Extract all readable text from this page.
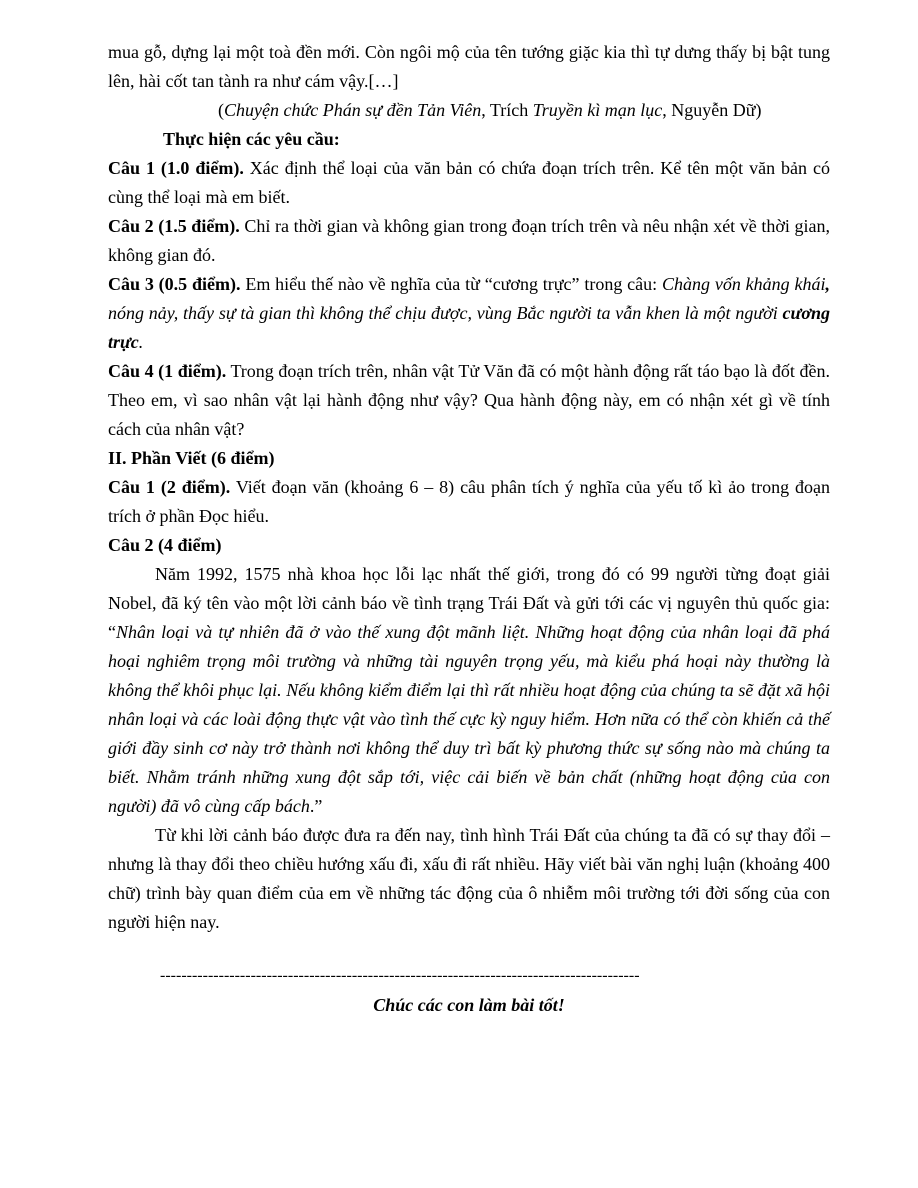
mua gỗ, dựng lại một toà đền mới. Còn ngôi mộ của tên tướng giặc kia thì tự dưng thấy bị bật tung lên, hài cốt tan tành ra như cám vậy.[…]

(Chuyện chức Phán sự đền Tản Viên, Trích Truyền kì mạn lục, Nguyễn Dữ)

Thực hiện các yêu cầu:

Câu 1 (1.0 điểm). Xác định thể loại của văn bản có chứa đoạn trích trên. Kể tên một văn bản có cùng thể loại mà em biết.

Câu 2 (1.5 điểm). Chỉ ra thời gian và không gian trong đoạn trích trên và nêu nhận xét về thời gian, không gian đó.

Câu 3 (0.5 điểm). Em hiểu thế nào về nghĩa của từ “cương trực” trong câu: Chàng vốn khảng khái, nóng nảy, thấy sự tà gian thì không thể chịu được, vùng Bắc người ta vẫn khen là một người cương trực.

Câu 4 (1 điểm). Trong đoạn trích trên, nhân vật Tử Văn đã có một hành động rất táo bạo là đốt đền. Theo em, vì sao nhân vật lại hành động như vậy? Qua hành động này, em có nhận xét gì về tính cách của nhân vật?

II. Phần Viết (6 điểm)

Câu 1 (2 điểm). Viết đoạn văn (khoảng 6 – 8) câu phân tích ý nghĩa của yếu tố kì ảo trong đoạn trích ở phần Đọc hiểu.

Câu 2 (4 điểm)

Năm 1992, 1575 nhà khoa học lỗi lạc nhất thế giới, trong đó có 99 người từng đoạt giải Nobel, đã ký tên vào một lời cảnh báo về tình trạng Trái Đất và gửi tới các vị nguyên thủ quốc gia: “Nhân loại và tự nhiên đã ở vào thế xung đột mãnh liệt. Những hoạt động của nhân loại đã phá hoại nghiêm trọng môi trường và những tài nguyên trọng yếu, mà kiểu phá hoại này thường là không thể khôi phục lại. Nếu không kiểm điểm lại thì rất nhiều hoạt động của chúng ta sẽ đặt xã hội nhân loại và các loài động thực vật vào tình thế cực kỳ nguy hiểm. Hơn nữa có thể còn khiến cả thế giới đầy sinh cơ này trở thành nơi không thể duy trì bất kỳ phương thức sự sống nào mà chúng ta biết. Nhằm tránh những xung đột sắp tới, việc cải biến về bản chất (những hoạt động của con người) đã vô cùng cấp bách.”

Từ khi lời cảnh báo được đưa ra đến nay, tình hình Trái Đất của chúng ta đã có sự thay đổi – nhưng là thay đổi theo chiều hướng xấu đi, xấu đi rất nhiều. Hãy viết bài văn nghị luận (khoảng 400 chữ) trình bày quan điểm của em về những tác động của ô nhiễm môi trường tới đời sống của con người hiện nay.

------------------------------------------------------------------------------------------

Chúc các con làm bài tốt!
